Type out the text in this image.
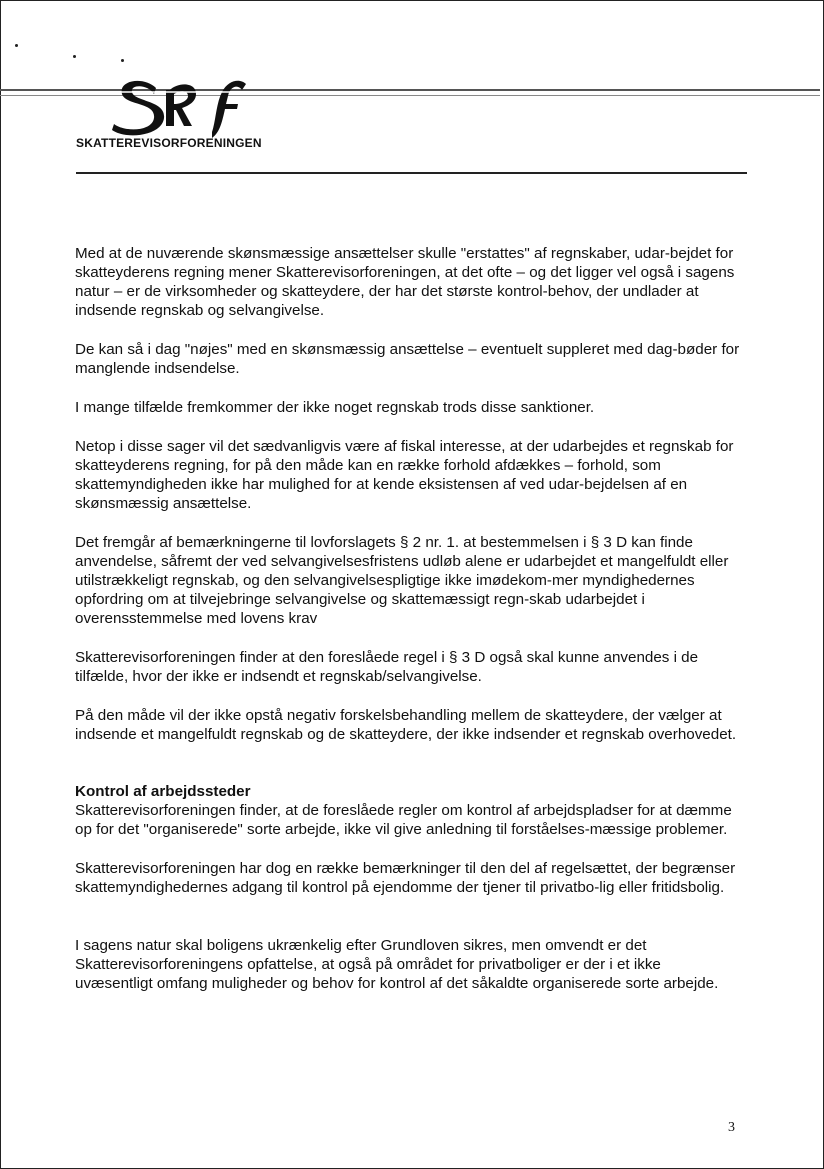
SKATTEREVISORFORENINGEN

Med at de nuværende skønsmæssige ansættelser skulle "erstattes" af regnskaber, udar-bejdet for skatteyderens regning mener Skatterevisorforeningen, at det ofte – og det ligger vel også i sagens natur – er de virksomheder og skatteydere, der har det største kontrol-behov, der undlader at indsende regnskab og selvangivelse.

De kan så i dag "nøjes" med en skønsmæssig ansættelse – eventuelt suppleret med dag-bøder for manglende indsendelse.

I mange tilfælde fremkommer der ikke noget regnskab trods disse sanktioner.

Netop i disse sager vil det sædvanligvis være af fiskal interesse, at der udarbejdes et regnskab for skatteyderens regning, for på den måde kan en række forhold afdækkes – forhold, som skattemyndigheden ikke har mulighed for at kende eksistensen af ved udar-bejdelsen af en skønsmæssig ansættelse.

Det fremgår af bemærkningerne til lovforslagets § 2 nr. 1. at bestemmelsen i § 3 D kan finde anvendelse, såfremt der ved selvangivelsesfristens udløb alene er udarbejdet et mangelfuldt eller utilstrækkeligt regnskab, og den selvangivelsespligtige ikke imødekom-mer myndighedernes opfordring om at tilvejebringe selvangivelse og skattemæssigt regn-skab udarbejdet i overensstemmelse med lovens krav

Skatterevisorforeningen finder at den foreslåede regel i § 3 D også skal kunne anvendes i de tilfælde, hvor der ikke er indsendt et regnskab/selvangivelse.

På den måde vil der ikke opstå negativ forskelsbehandling mellem de skatteydere, der vælger at indsende et mangelfuldt regnskab og de skatteydere, der ikke indsender et regnskab overhovedet.

Kontrol af arbejdssteder

Skatterevisorforeningen finder, at de foreslåede regler om kontrol af arbejdspladser for at dæmme op for det "organiserede" sorte arbejde, ikke vil give anledning til forståelses-mæssige problemer.

Skatterevisorforeningen har dog en række bemærkninger til den del af regelsættet, der begrænser skattemyndighedernes adgang til kontrol på ejendomme der tjener til privatbo-lig eller fritidsbolig.

I sagens natur skal boligens ukrænkelig efter Grundloven sikres, men omvendt er det Skatterevisorforeningens opfattelse, at også på området for privatboliger er der i et ikke uvæsentligt omfang muligheder og behov for kontrol af det såkaldte organiserede sorte arbejde.

3
